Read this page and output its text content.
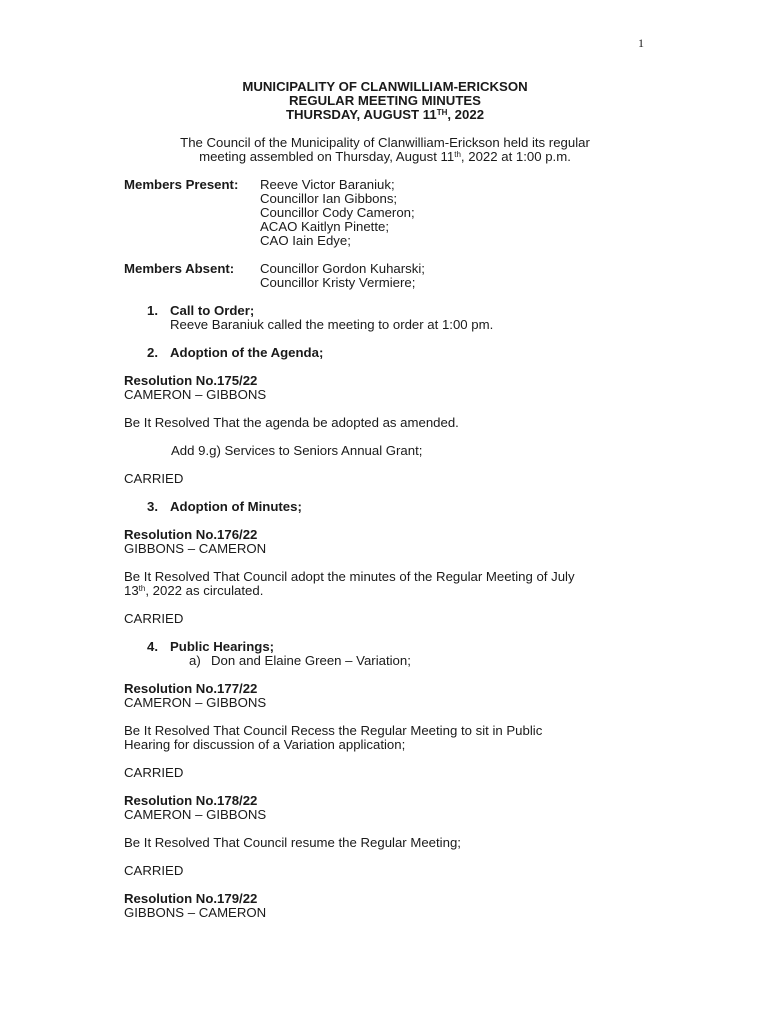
1
MUNICIPALITY OF CLANWILLIAM-ERICKSON
REGULAR MEETING MINUTES
THURSDAY, AUGUST 11TH, 2022
The Council of the Municipality of Clanwilliam-Erickson held its regular
meeting assembled on Thursday, August 11th, 2022 at 1:00 p.m.
Members Present: Reeve Victor Baraniuk;
Councillor Ian Gibbons;
Councillor Cody Cameron;
ACAO Kaitlyn Pinette;
CAO Iain Edye;
Members Absent: Councillor Gordon Kuharski;
Councillor Kristy Vermiere;
1. Call to Order;
Reeve Baraniuk called the meeting to order at 1:00 pm.
2. Adoption of the Agenda;
Resolution No.175/22
CAMERON – GIBBONS
Be It Resolved That the agenda be adopted as amended.
Add 9.g) Services to Seniors Annual Grant;
CARRIED
3. Adoption of Minutes;
Resolution No.176/22
GIBBONS – CAMERON
Be It Resolved That Council adopt the minutes of the Regular Meeting of July
13th, 2022 as circulated.
CARRIED
4. Public Hearings;
a) Don and Elaine Green – Variation;
Resolution No.177/22
CAMERON – GIBBONS
Be It Resolved That Council Recess the Regular Meeting to sit in Public
Hearing for discussion of a Variation application;
CARRIED
Resolution No.178/22
CAMERON – GIBBONS
Be It Resolved That Council resume the Regular Meeting;
CARRIED
Resolution No.179/22
GIBBONS – CAMERON
